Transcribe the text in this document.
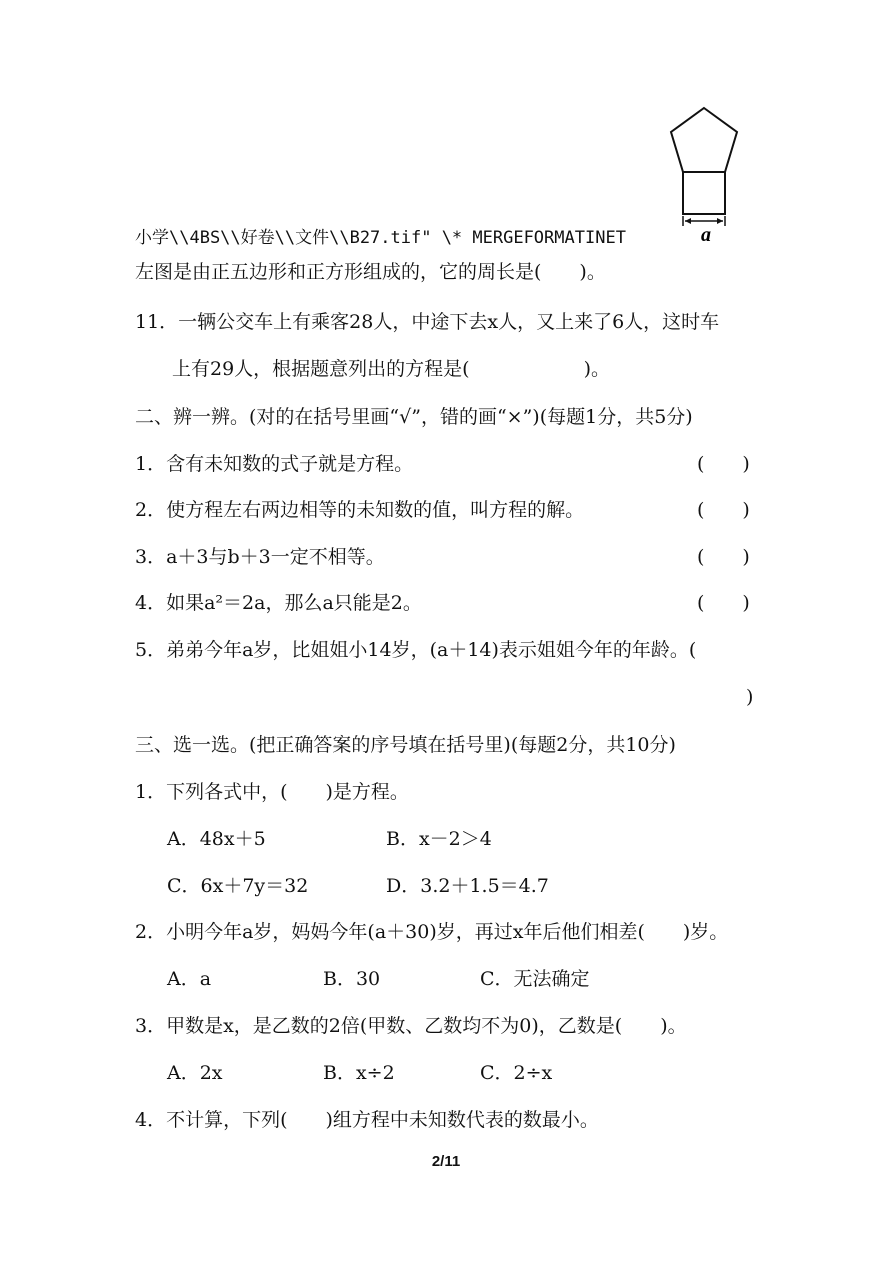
a
小学\\4BS\\好卷\\文件\\B27.tif" \* MERGEFORMATINET
左图是由正五边形和正方形组成的，它的周长是(　　)。
11．一辆公交车上有乘客28人，中途下去x人，又上来了6人，这时车
上有29人，根据题意列出的方程是(　　　　　　)。
二、辨一辨。(对的在括号里画“√”，错的画“×”)(每题1分，共5分)
1．含有未知数的式子就是方程。	(　　)
2．使方程左右两边相等的未知数的值，叫方程的解。	(　　)
3．a＋3与b＋3一定不相等。	(　　)
4．如果a²＝2a，那么a只能是2。	(　　)
5．弟弟今年a岁，比姐姐小14岁，(a＋14)表示姐姐今年的年龄。(
)
三、选一选。(把正确答案的序号填在括号里)(每题2分，共10分)
1．下列各式中，(　　)是方程。
A．48x＋5	B．x－2＞4
C．6x＋7y＝32	D．3.2＋1.5＝4.7
2．小明今年a岁，妈妈今年(a＋30)岁，再过x年后他们相差(　　)岁。
A．a	B．30	C．无法确定
3．甲数是x，是乙数的2倍(甲数、乙数均不为0)，乙数是(　　)。
A．2x	B．x÷2	C．2÷x
4．不计算，下列(　　)组方程中未知数代表的数最小。
2/11
